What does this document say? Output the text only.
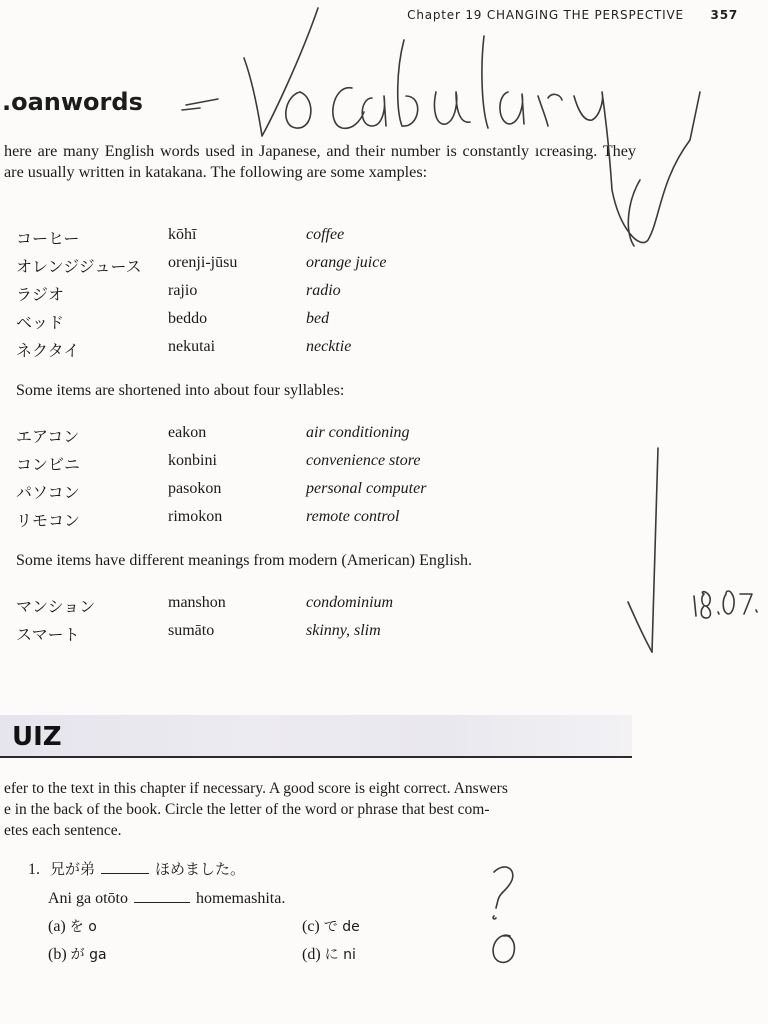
Chapter 19 CHANGING THE PERSPECTIVE 357
.oanwords
here are many English words used in Japanese, and their number is constantly ıcreasing. They are usually written in katakana. The following are some xamples:
コーヒー	kōhī	coffee
オレンジジュース orenji-jūsu	orange juice
ラジオ	rajio	radio
ベッド	beddo	bed
ネクタイ	nekutai	necktie
Some items are shortened into about four syllables:
エアコン	eakon	air conditioning
コンビニ	konbini	convenience store
パソコン	pasokon	personal computer
リモコン	rimokon	remote control
Some items have different meanings from modern (American) English.
マンション	manshon	condominium
スマート	sumāto	skinny, slim
UIZ
efer to the text in this chapter if necessary. A good score is eight correct. Answers
e in the back of the book. Circle the letter of the word or phrase that best com-
etes each sentence.
1. 兄が弟	ほめました。
Ani ga otōto	homemashita.
(a) を o	(c) で de
(b) が ga	(d) に ni
